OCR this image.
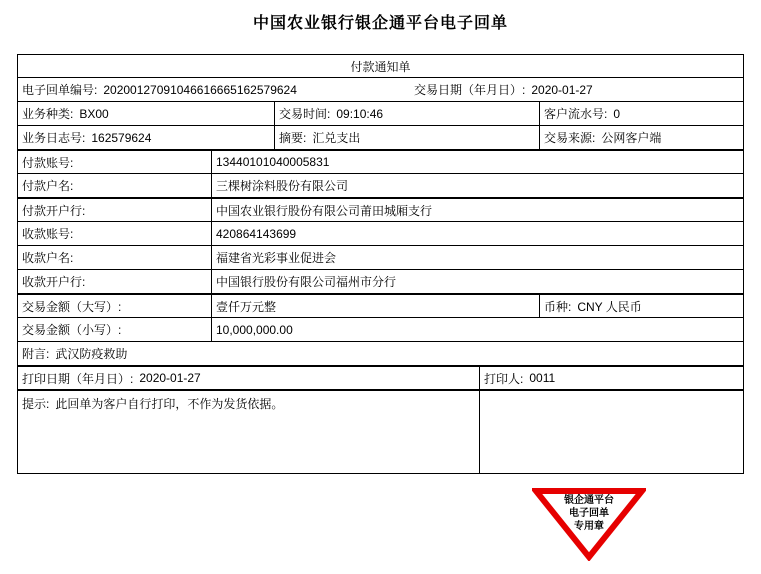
中国农业银行银企通平台电子回单
付款通知单
电子回单编号: 20200127091046616665162579624	交易日期（年月日）: 2020-01-27
业务种类: BX00	交易时间: 09:10:46	客户流水号: 0
业务日志号: 162579624	摘要: 汇兑支出	交易来源: 公网客户端
付款账号:	13440101040005831
付款户名:	三棵树涂料股份有限公司
付款开户行:	中国农业银行股份有限公司莆田城厢支行
收款账号:	420864143699
收款户名:	福建省光彩事业促进会
收款开户行:	中国银行股份有限公司福州市分行
交易金额（大写）:	壹仟万元整	币种: CNY 人民币
交易金额（小写）:	10,000,000.00
附言: 武汉防疫救助
打印日期（年月日）: 2020-01-27	打印人: 0011
提示: 此回单为客户自行打印，不作为发货依据。
银企通平台
电子回单
专用章
